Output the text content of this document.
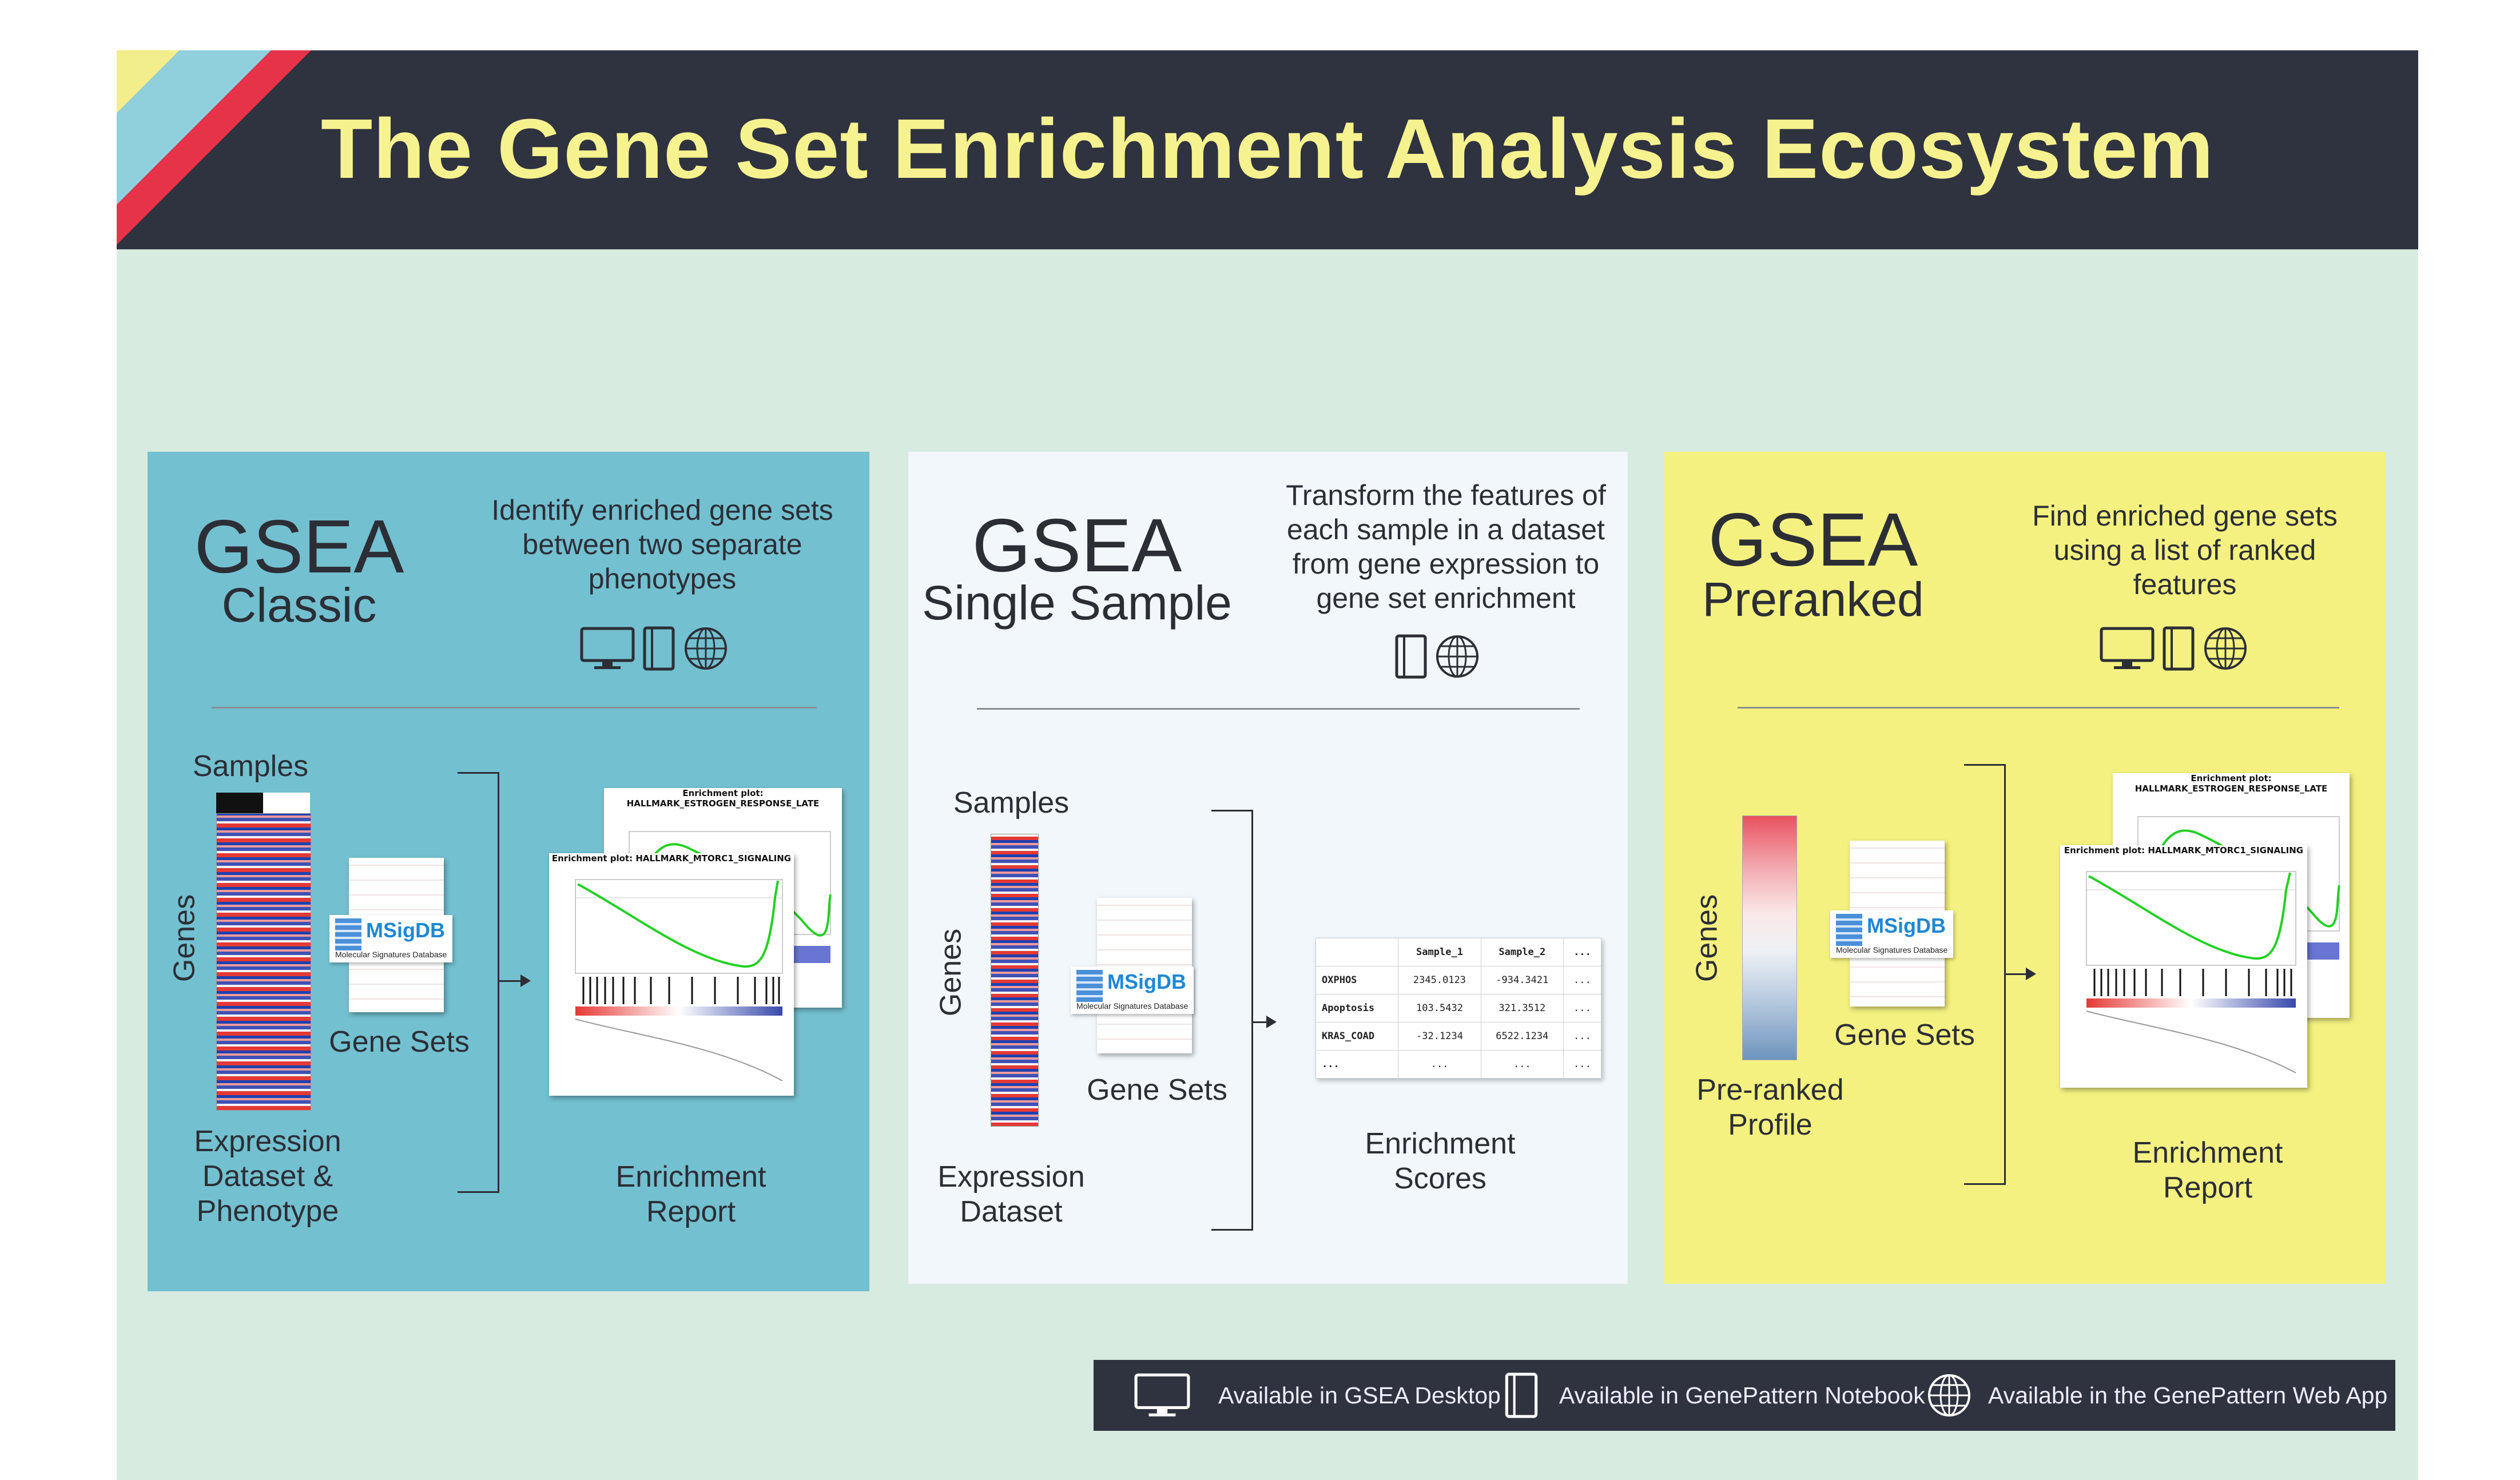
The Gene Set Enrichment Analysis Ecosystem
GSEA
Classic
Identify enriched gene sets between two separate phenotypes

Samples
Genes
Expression Dataset & Phenotype
MSigDB
Molecular Signatures Database
Gene Sets
Enrichment plot: HALLMARK_ESTROGEN_RESPONSE_LATE
Enrichment plot: HALLMARK_MTORC1_SIGNALING
Enrichment Report
GSEA
Single Sample
Transform the features of each sample in a dataset from gene expression to gene set enrichment

Samples
Genes
Expression Dataset
MSigDB
Molecular Signatures Database
Gene Sets
	Sample_1	Sample_2	...
OXPHOS	2345.0123	-934.3421	...
Apoptosis	103.5432	321.3512	...
KRAS_COAD	-32.1234	6522.1234	...
...	...	...	...
Enrichment Scores
GSEA
Preranked
Find enriched gene sets using a list of ranked features

Genes
Pre-ranked Profile
MSigDB
Molecular Signatures Database
Gene Sets
Enrichment plot: HALLMARK_ESTROGEN_RESPONSE_LATE
Enrichment plot: HALLMARK_MTORC1_SIGNALING
Enrichment Report
Available in GSEA Desktop Available in GenePattern Notebook	Available in the GenePattern Web App
